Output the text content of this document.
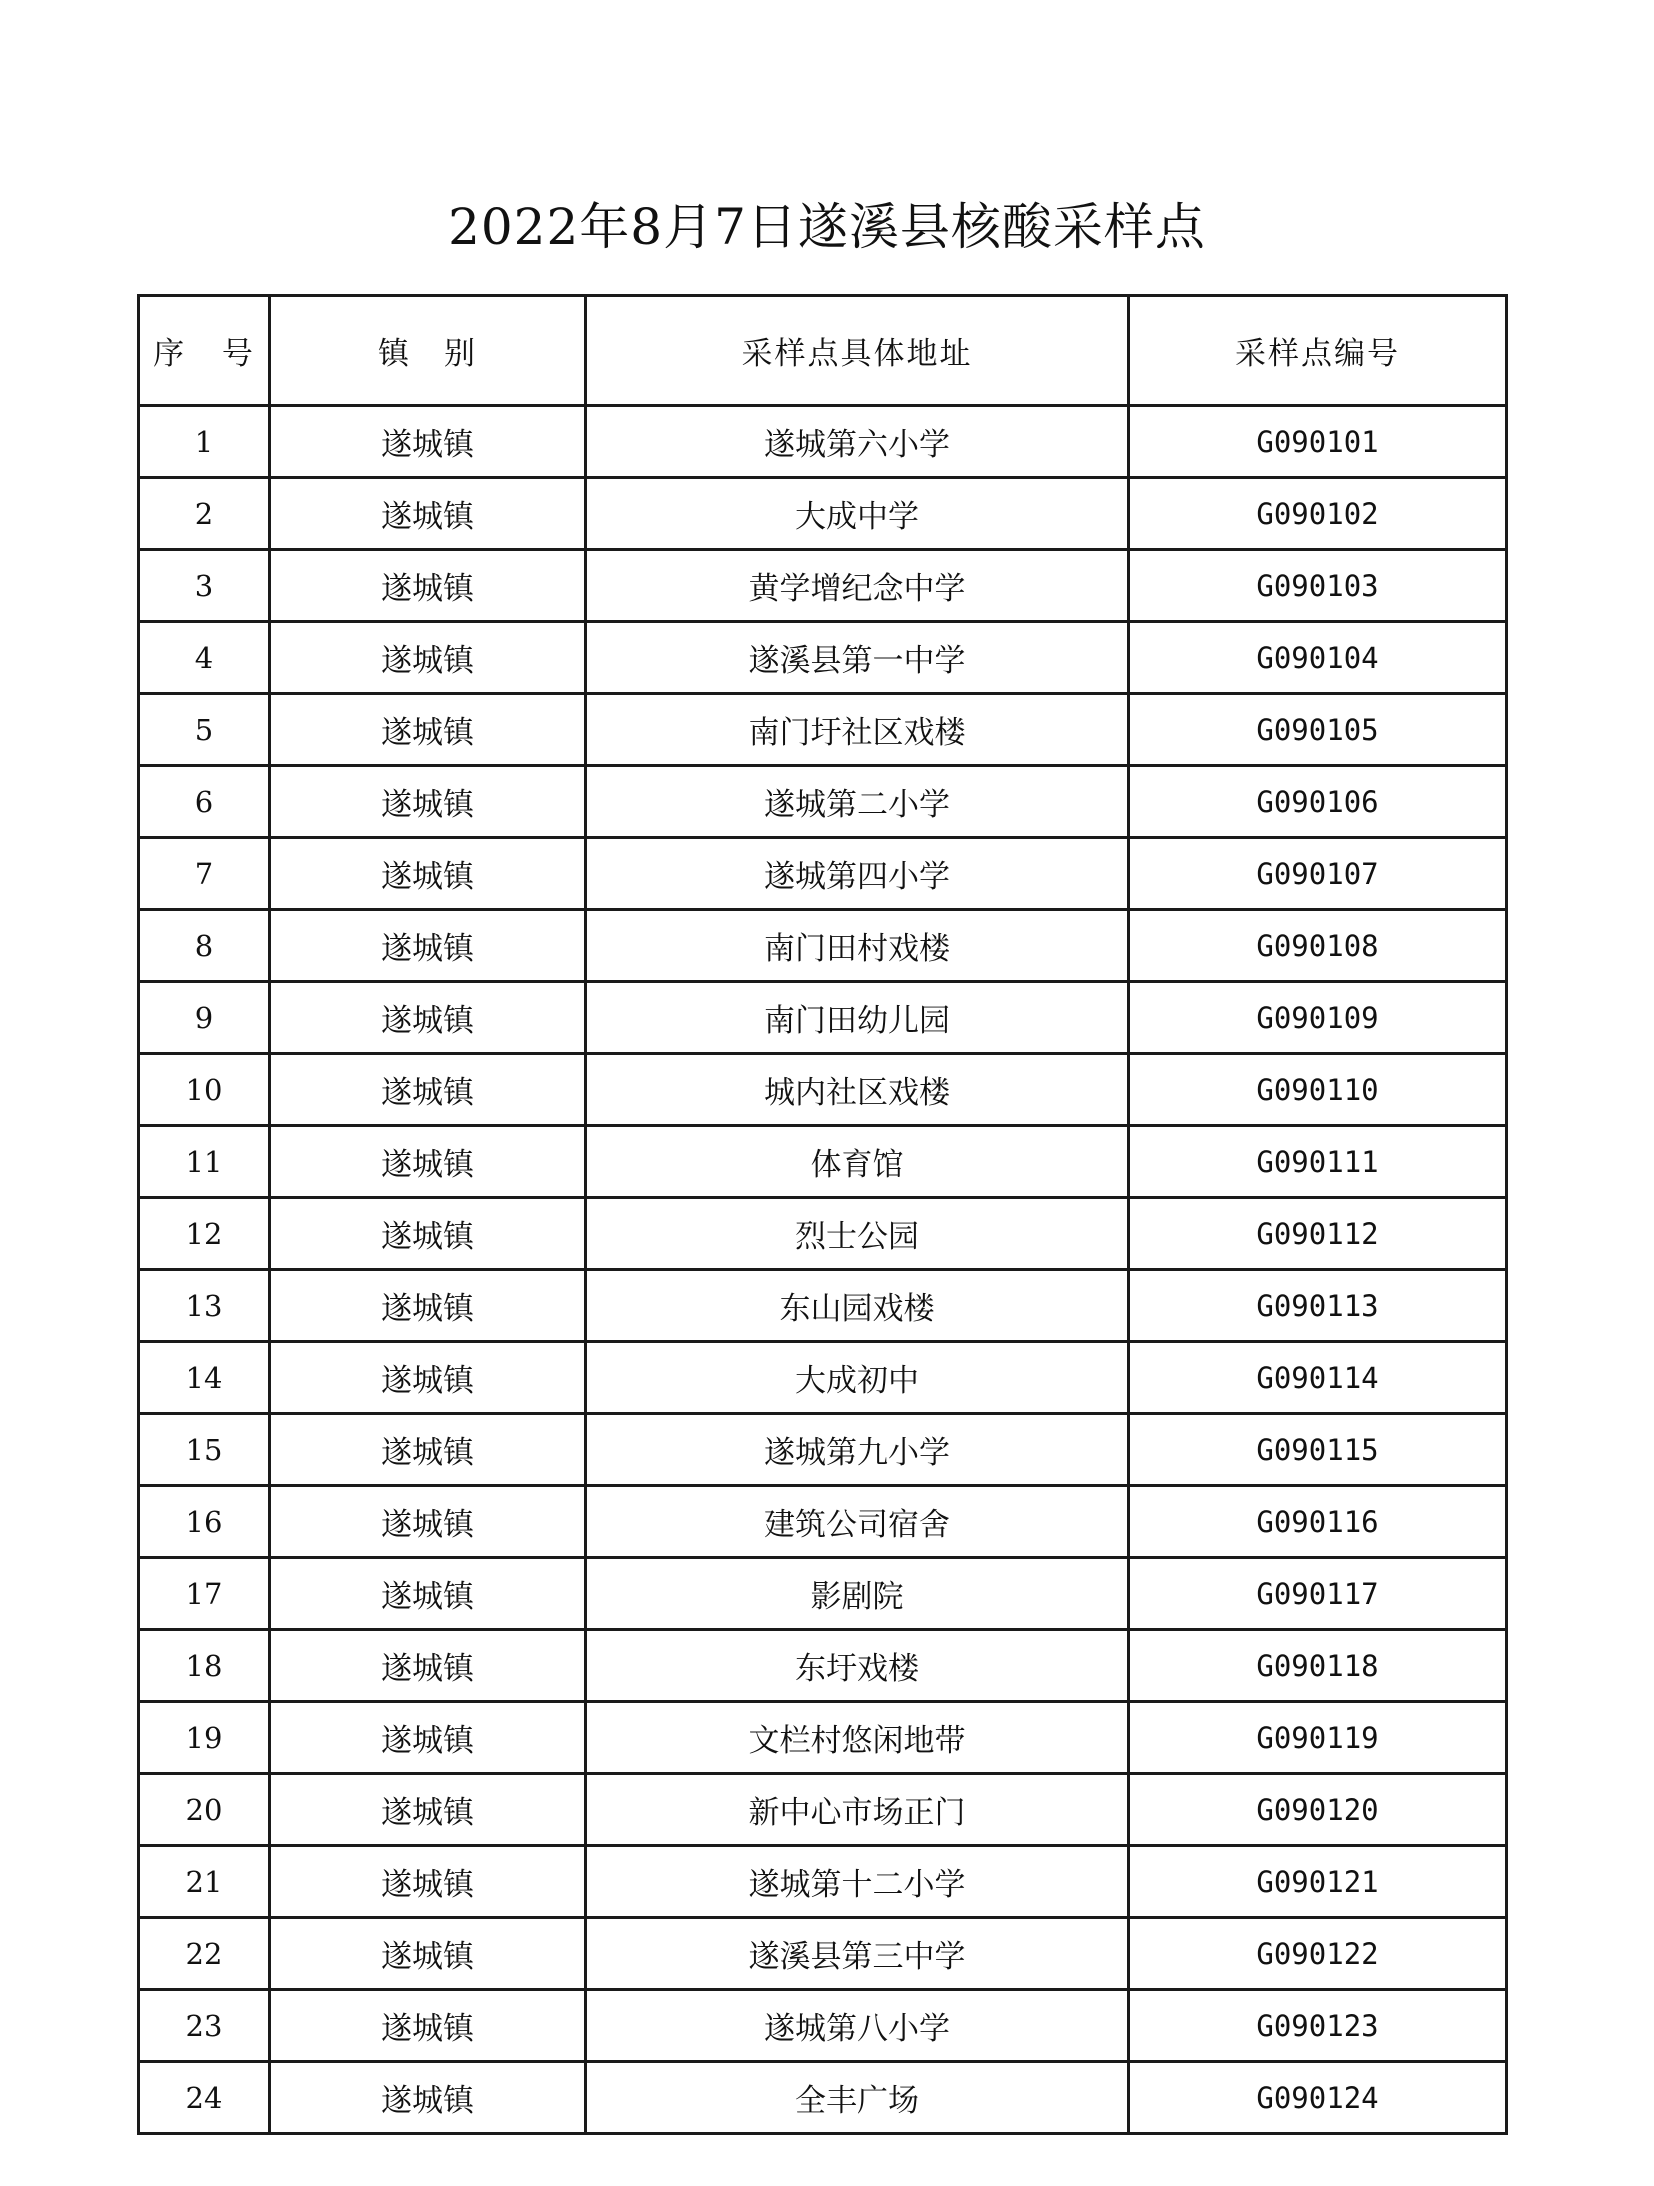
2022年8月7日遂溪县核酸采样点
序 号	镇　别	采样点具体地址	采样点编号
1	遂城镇	遂城第六小学	G090101
2	遂城镇	大成中学	G090102
3	遂城镇	黄学增纪念中学	G090103
4	遂城镇	遂溪县第一中学	G090104
5	遂城镇	南门圩社区戏楼	G090105
6	遂城镇	遂城第二小学	G090106
7	遂城镇	遂城第四小学	G090107
8	遂城镇	南门田村戏楼	G090108
9	遂城镇	南门田幼儿园	G090109
10	遂城镇	城内社区戏楼	G090110
11	遂城镇	体育馆	G090111
12	遂城镇	烈士公园	G090112
13	遂城镇	东山园戏楼	G090113
14	遂城镇	大成初中	G090114
15	遂城镇	遂城第九小学	G090115
16	遂城镇	建筑公司宿舍	G090116
17	遂城镇	影剧院	G090117
18	遂城镇	东圩戏楼	G090118
19	遂城镇	文栏村悠闲地带	G090119
20	遂城镇	新中心市场正门	G090120
21	遂城镇	遂城第十二小学	G090121
22	遂城镇	遂溪县第三中学	G090122
23	遂城镇	遂城第八小学	G090123
24	遂城镇	全丰广场	G090124
